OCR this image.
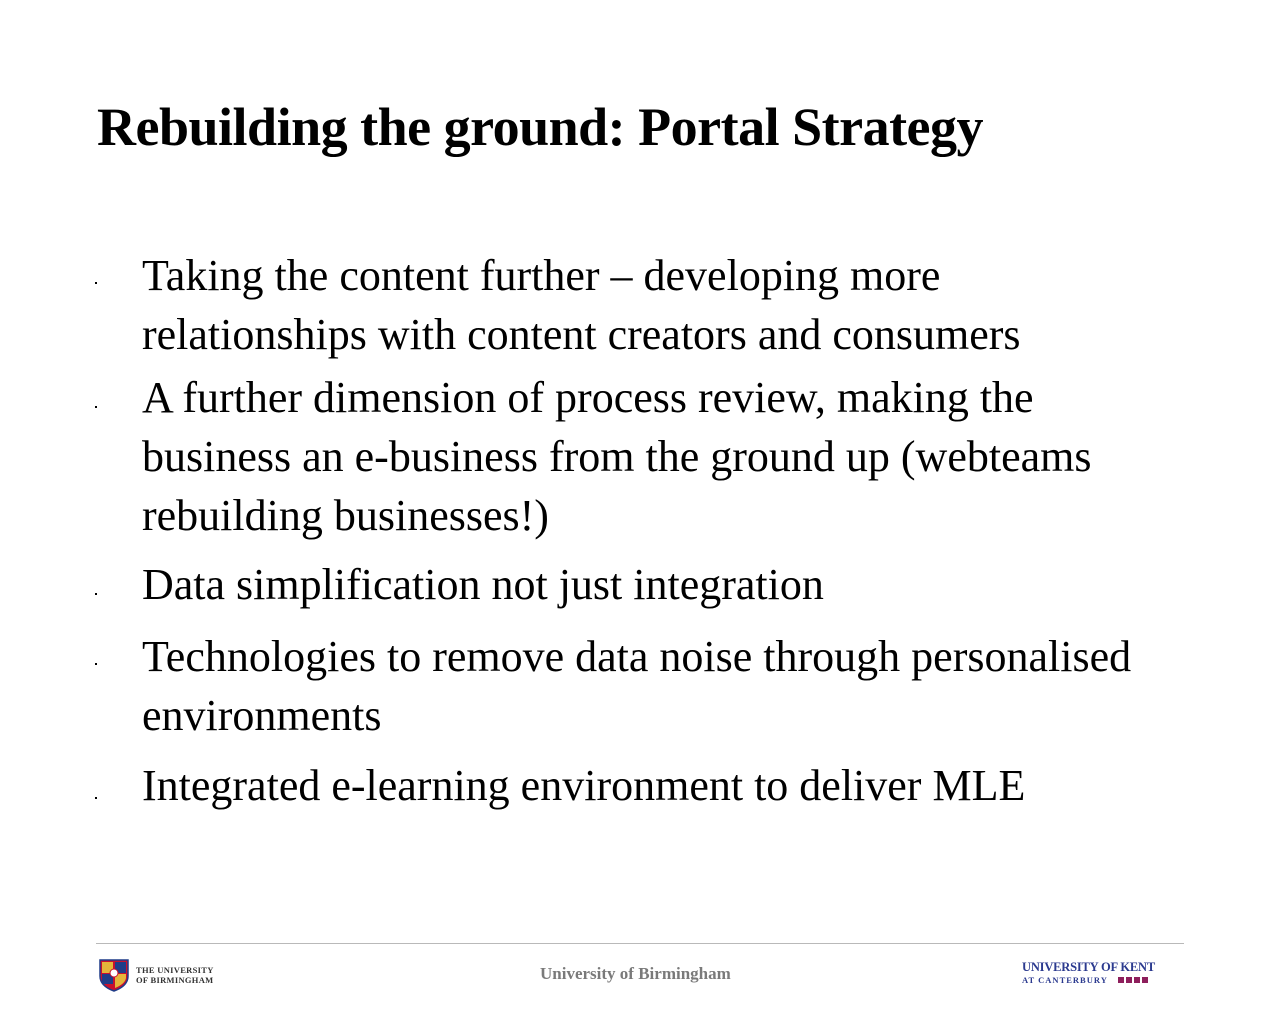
Rebuilding the ground: Portal Strategy
Taking the content further – developing more
relationships with content creators and consumers
A further dimension of process review, making the
business an e-business from the ground up (webteams
rebuilding businesses!)
Data simplification not just integration
Technologies to remove data noise through personalised
environments
Integrated e-learning environment to deliver MLE
THE UNIVERSITY
OF BIRMINGHAM	University of Birmingham	UNIVERSITY OF KENT
AT CANTERBURY
